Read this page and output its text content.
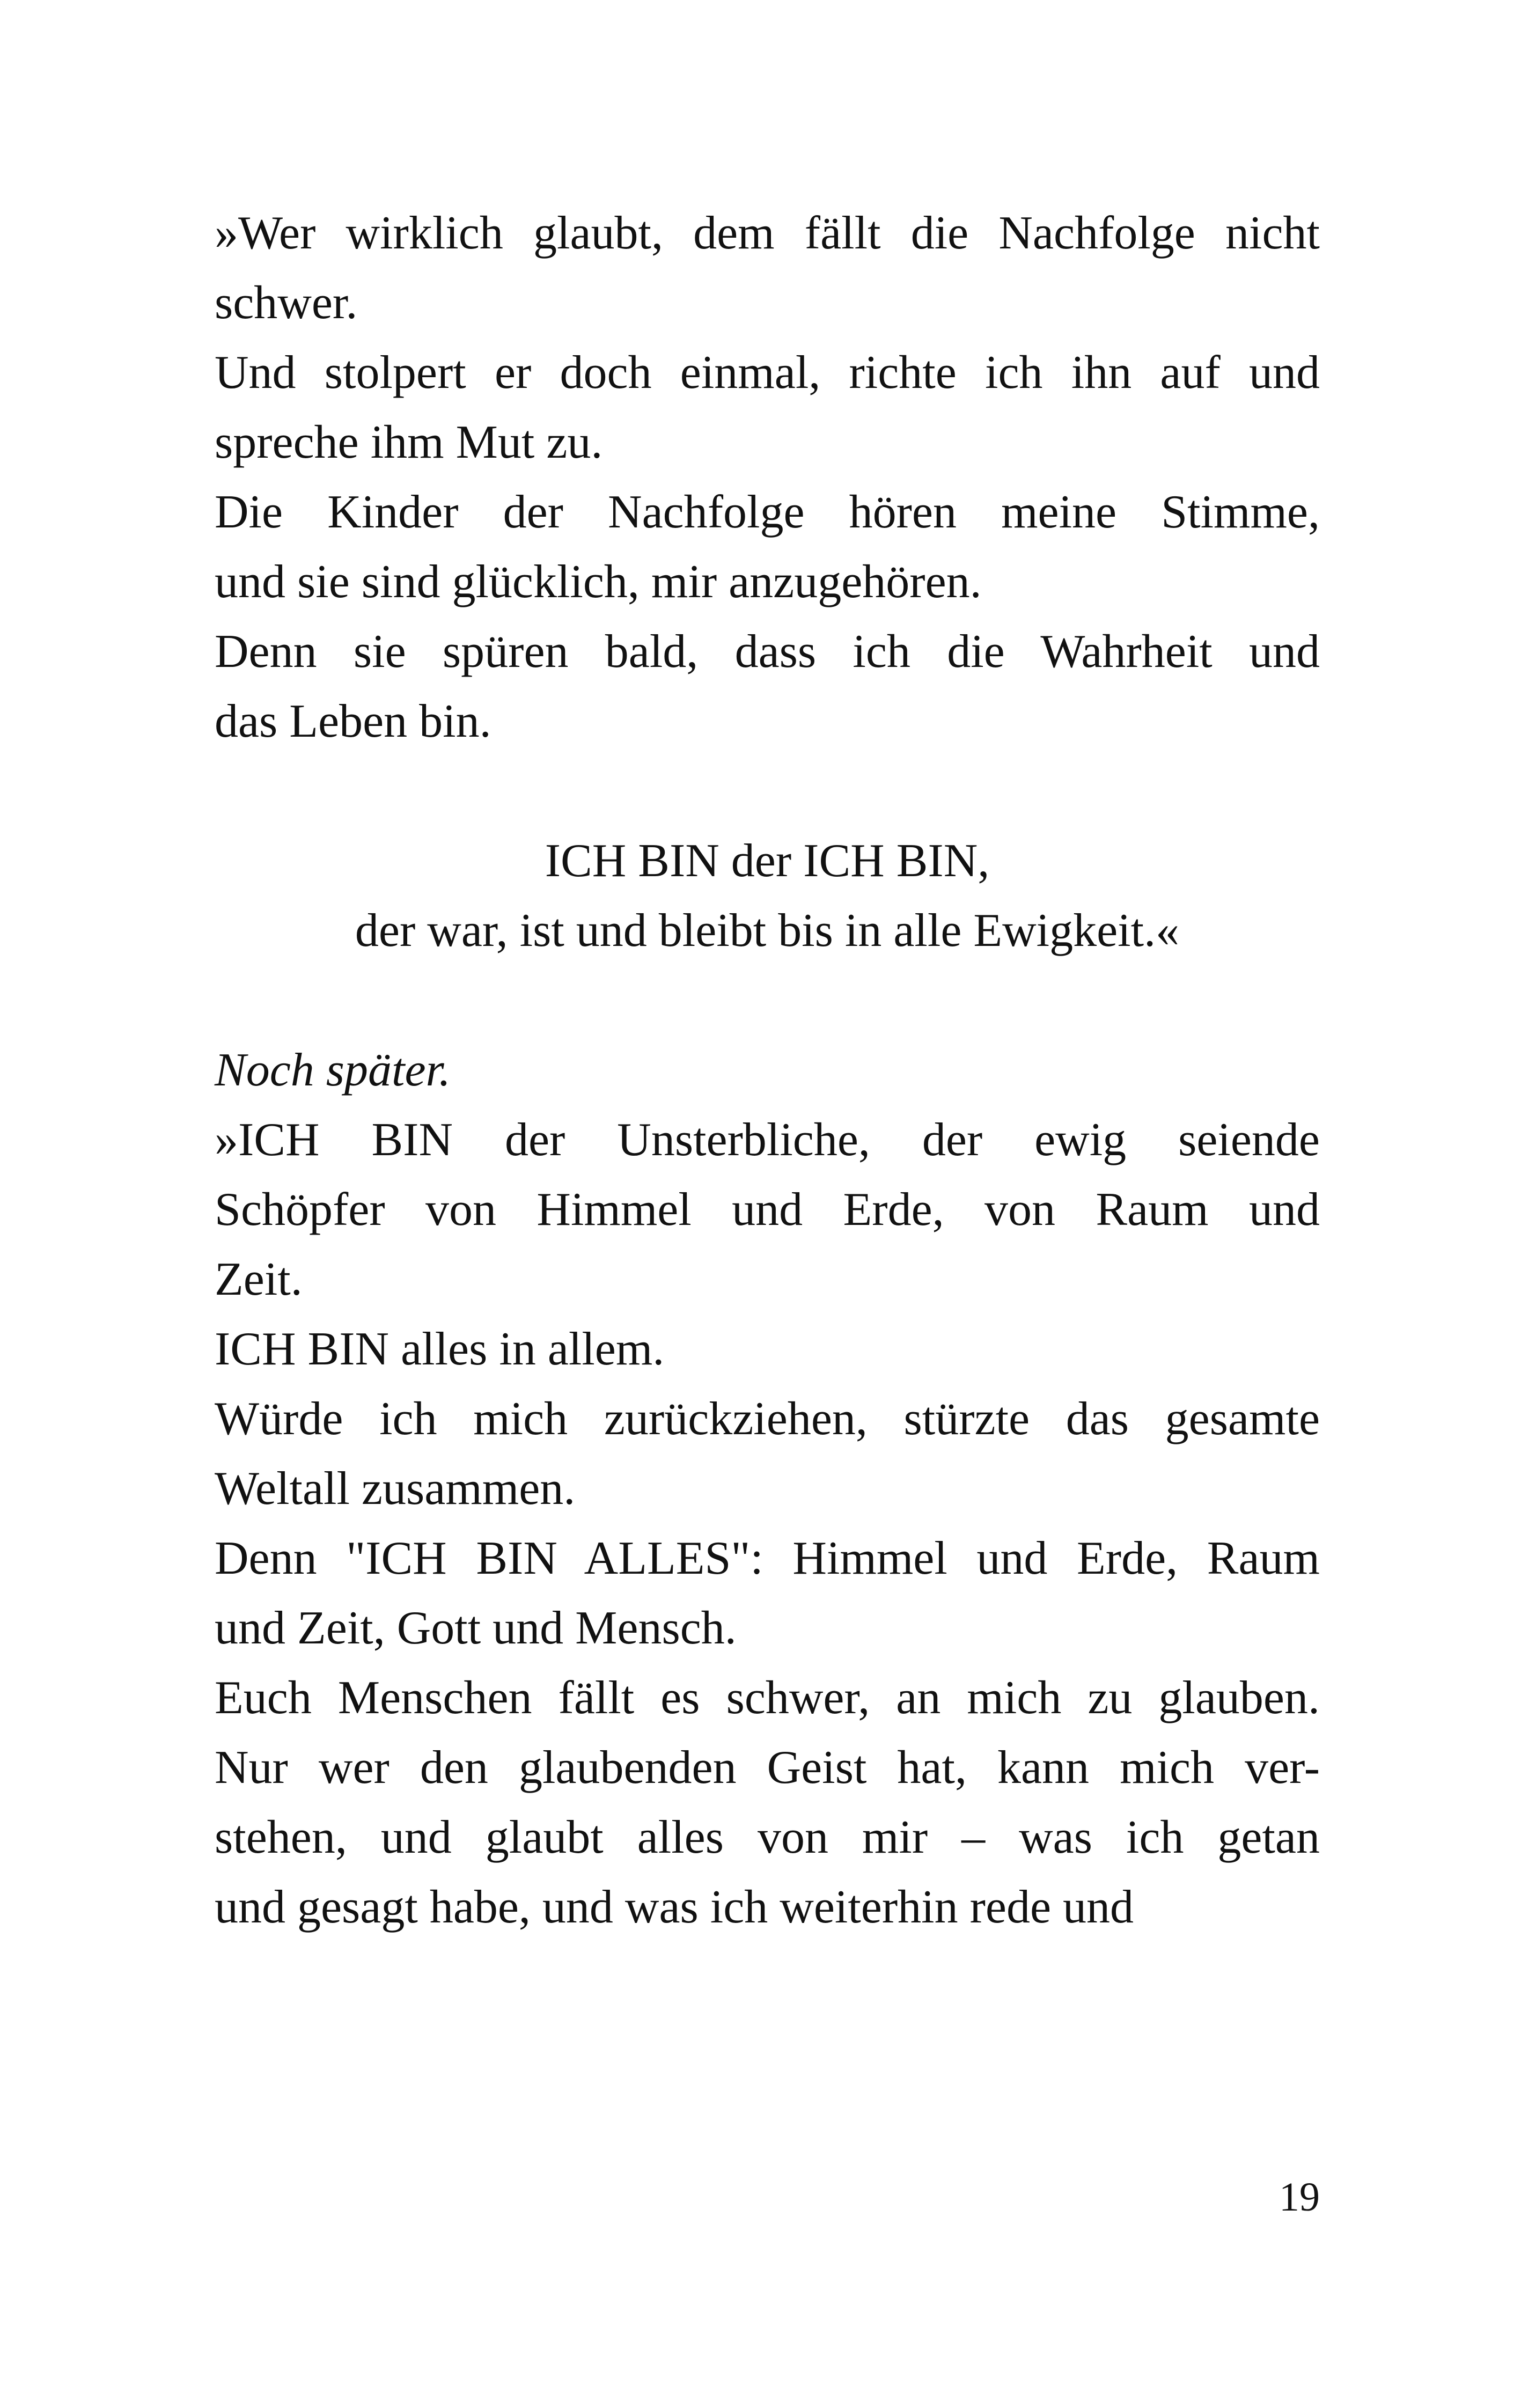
»Wer wirklich glaubt, dem fällt die Nachfolge nicht
schwer.
Und stolpert er doch einmal, richte ich ihn auf und
spreche ihm Mut zu.
Die Kinder der Nachfolge hören meine Stimme,
und sie sind glücklich, mir anzugehören.
Denn sie spüren bald, dass ich die Wahrheit und
das Leben bin.
ICH BIN der ICH BIN,
der war, ist und bleibt bis in alle Ewigkeit.«
Noch später.
»ICH BIN der Unsterbliche, der ewig seiende
Schöpfer von Himmel und Erde, von Raum und
Zeit.
ICH BIN alles in allem.
Würde ich mich zurückziehen, stürzte das gesamte
Weltall zusammen.
Denn "ICH BIN ALLES": Himmel und Erde, Raum
und Zeit, Gott und Mensch.
Euch Menschen fällt es schwer, an mich zu glauben.
Nur wer den glaubenden Geist hat, kann mich ver-
stehen, und glaubt alles von mir – was ich getan
und gesagt habe, und was ich weiterhin rede und
19
